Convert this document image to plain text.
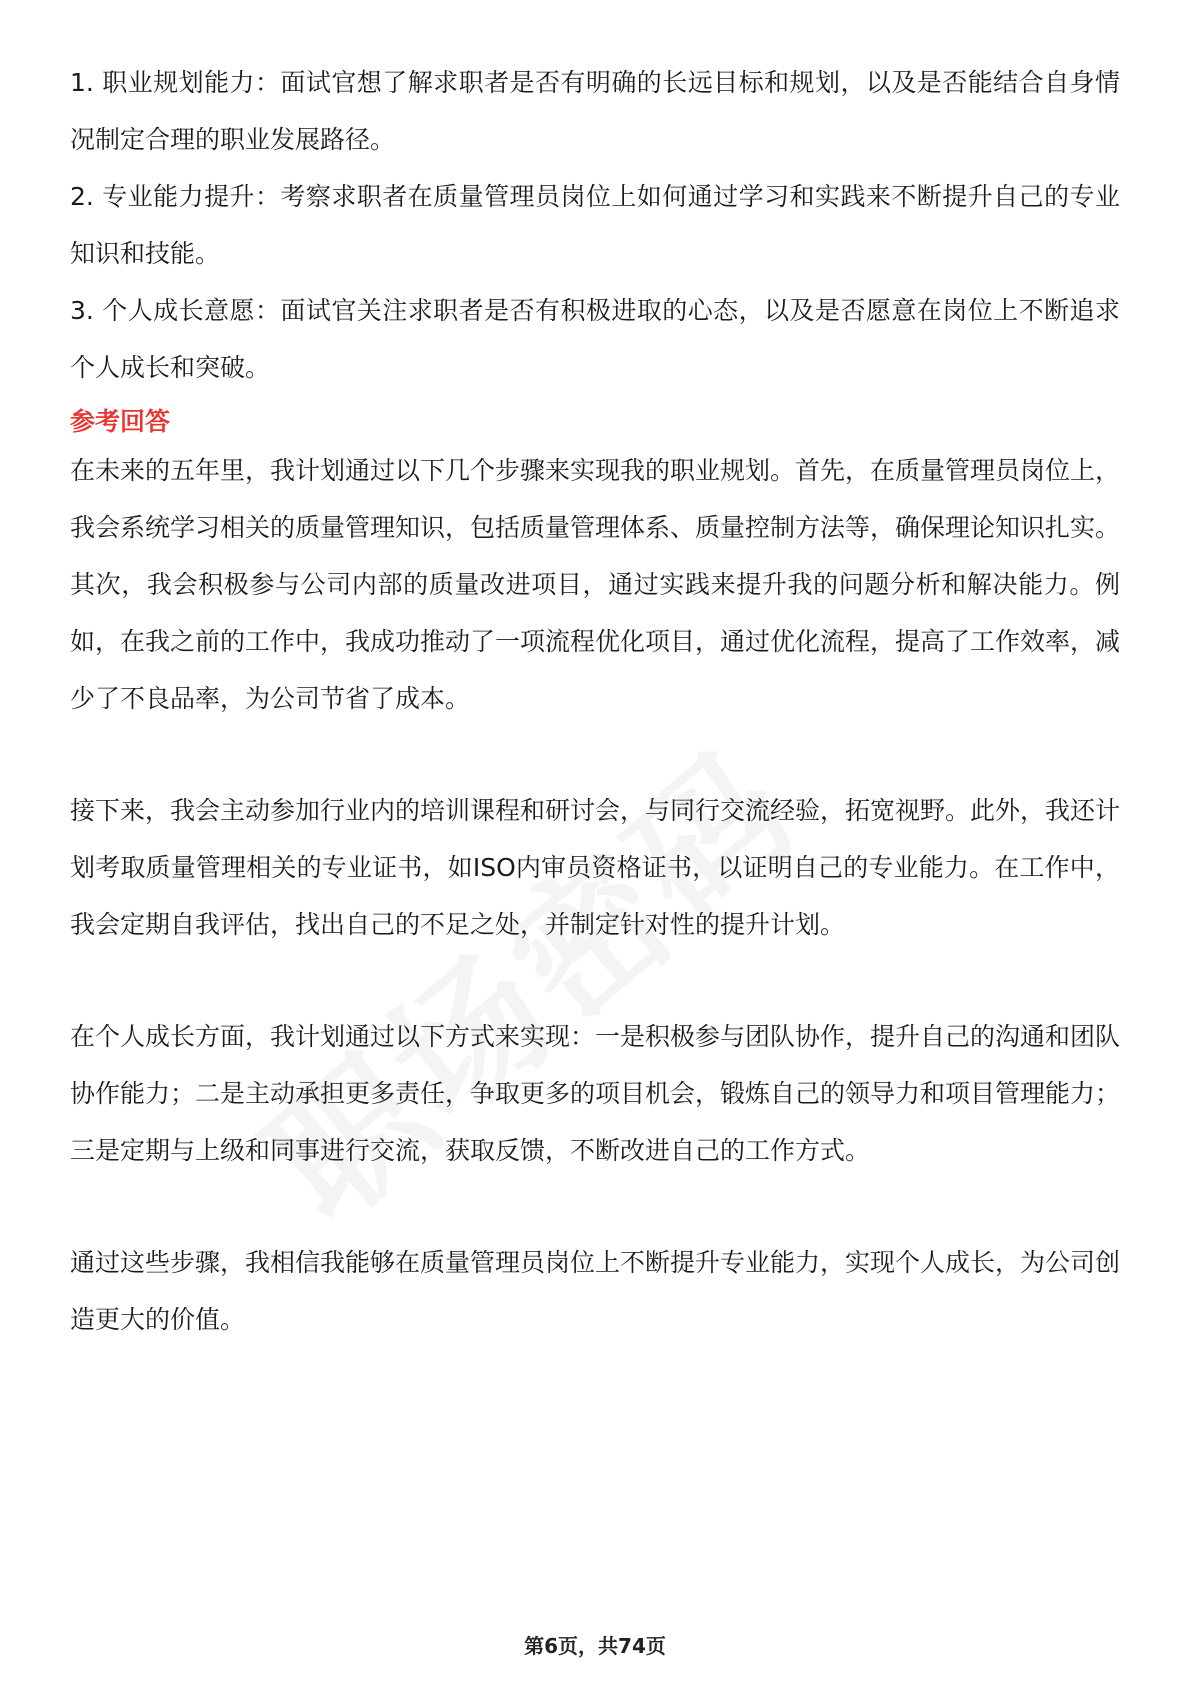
1. 职业规划能力：面试官想了解求职者是否有明确的长远目标和规划，以及是否能结合自身情况制定合理的职业发展路径。

2. 专业能力提升：考察求职者在质量管理员岗位上如何通过学习和实践来不断提升自己的专业知识和技能。

3. 个人成长意愿：面试官关注求职者是否有积极进取的心态，以及是否愿意在岗位上不断追求个人成长和突破。

参考回答

在未来的五年里，我计划通过以下几个步骤来实现我的职业规划。首先，在质量管理员岗位上，我会系统学习相关的质量管理知识，包括质量管理体系、质量控制方法等，确保理论知识扎实。其次，我会积极参与公司内部的质量改进项目，通过实践来提升我的问题分析和解决能力。例如，在我之前的工作中，我成功推动了一项流程优化项目，通过优化流程，提高了工作效率，减少了不良品率，为公司节省了成本。

接下来，我会主动参加行业内的培训课程和研讨会，与同行交流经验，拓宽视野。此外，我还计划考取质量管理相关的专业证书，如ISO内审员资格证书，以证明自己的专业能力。在工作中，我会定期自我评估，找出自己的不足之处，并制定针对性的提升计划。

在个人成长方面，我计划通过以下方式来实现：一是积极参与团队协作，提升自己的沟通和团队协作能力；二是主动承担更多责任，争取更多的项目机会，锻炼自己的领导力和项目管理能力；三是定期与上级和同事进行交流，获取反馈，不断改进自己的工作方式。

通过这些步骤，我相信我能够在质量管理员岗位上不断提升专业能力，实现个人成长，为公司创造更大的价值。

第6页，共74页
